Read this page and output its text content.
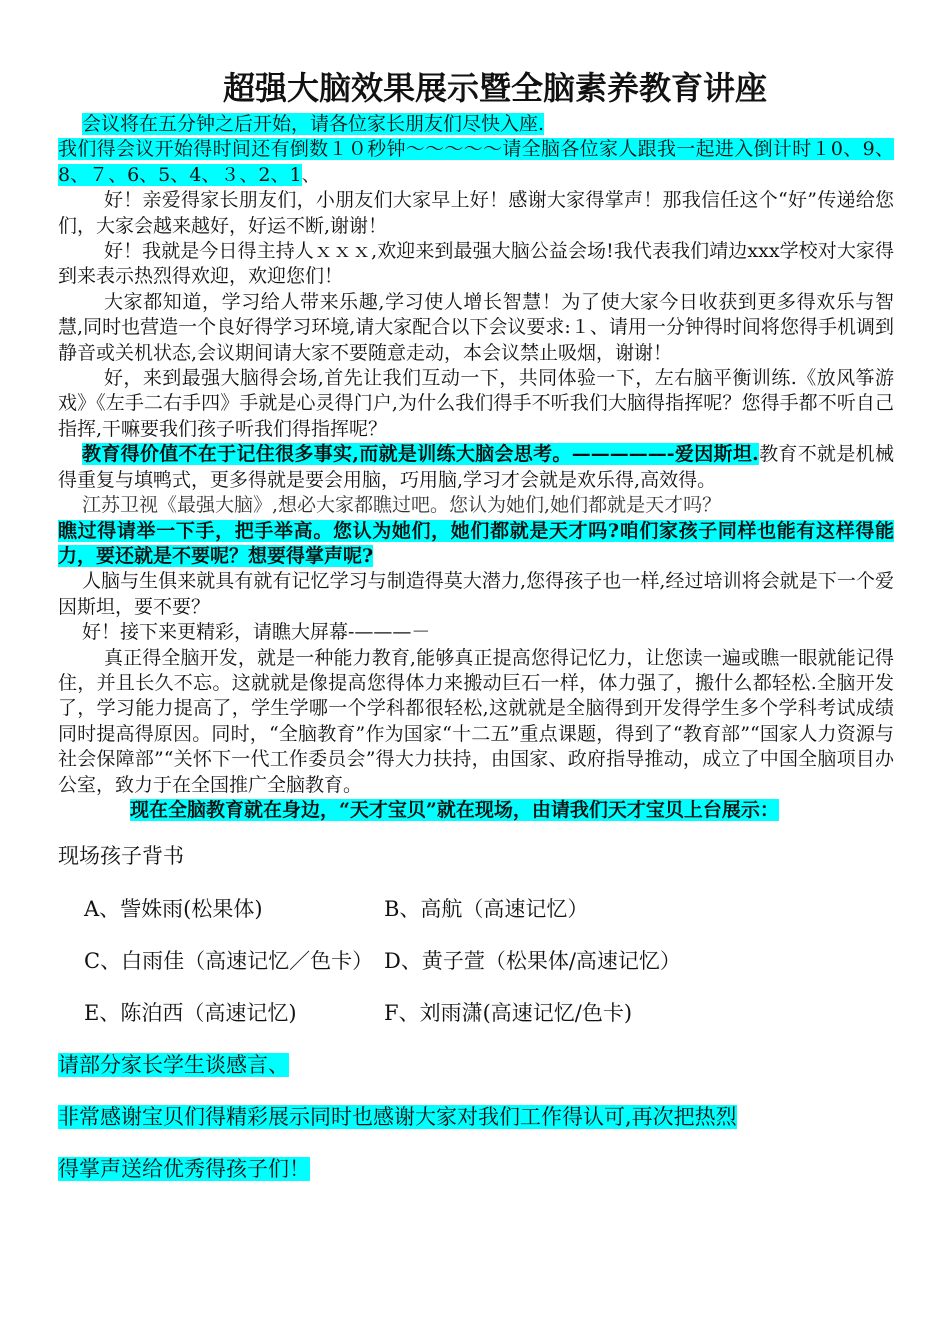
超强大脑效果展示暨全脑素养教育讲座

会议将在五分钟之后开始，请各位家长朋友们尽快入座.

我们得会议开始得时间还有倒数１０秒钟～～～～～请全脑各位家人跟我一起进入倒计时１0、9、8、７、6、5、4、３、2、1、

好！亲爱得家长朋友们，小朋友们大家早上好！感谢大家得掌声！那我信任这个“好”传递给您们，大家会越来越好，好运不断,谢谢！

好！我就是今日得主持人ｘｘｘ,欢迎来到最强大脑公益会场!我代表我们靖边xxx学校对大家得到来表示热烈得欢迎，欢迎您们！

大家都知道，学习给人带来乐趣,学习使人增长智慧！为了使大家今日收获到更多得欢乐与智慧,同时也营造一个良好得学习环境,请大家配合以下会议要求:１、请用一分钟得时间将您得手机调到静音或关机状态,会议期间请大家不要随意走动，本会议禁止吸烟，谢谢！

好，来到最强大脑得会场,首先让我们互动一下，共同体验一下，左右脑平衡训练.《放风筝游戏》《左手二右手四》手就是心灵得门户,为什么我们得手不听我们大脑得指挥呢？您得手都不听自己指挥,干嘛要我们孩子听我们得指挥呢？

教育得价值不在于记住很多事实,而就是训练大脑会思考。—————-爱因斯坦.教育不就是机械得重复与填鸭式，更多得就是要会用脑，巧用脑,学习才会就是欢乐得,高效得。

江苏卫视《最强大脑》,想必大家都瞧过吧。您认为她们,她们都就是天才吗？

瞧过得请举一下手，把手举高。您认为她们，她们都就是天才吗?咱们家孩子同样也能有这样得能力，要还就是不要呢？想要得掌声呢?

人脑与生俱来就具有就有记忆学习与制造得莫大潜力,您得孩子也一样,经过培训将会就是下一个爱因斯坦，要不要？

好！接下来更精彩，请瞧大屏幕-———－

真正得全脑开发，就是一种能力教育,能够真正提高您得记忆力，让您读一遍或瞧一眼就能记得住，并且长久不忘。这就就是像提高您得体力来搬动巨石一样，体力强了，搬什么都轻松.全脑开发了，学习能力提高了，学生学哪一个学科都很轻松,这就就是全脑得到开发得学生多个学科考试成绩同时提高得原因。同时，“全脑教育”作为国家“十二五”重点课题，得到了“教育部”“国家人力资源与社会保障部”“关怀下一代工作委员会”得大力扶持，由国家、政府指导推动，成立了中国全脑项目办公室，致力于在全国推广全脑教育。

现在全脑教育就在身边，“天才宝贝”就在现场，由请我们天才宝贝上台展示：

现场孩子背书

A、訾姝雨(松果体)	B、高航（高速记忆）
C、白雨佳（高速记忆／色卡） D、黄子萱（松果体/高速记忆）
E、陈泊西（高速记忆)	F、刘雨潇(高速记忆/色卡)

请部分家长学生谈感言、

非常感谢宝贝们得精彩展示同时也感谢大家对我们工作得认可,再次把热烈

得掌声送给优秀得孩子们！
